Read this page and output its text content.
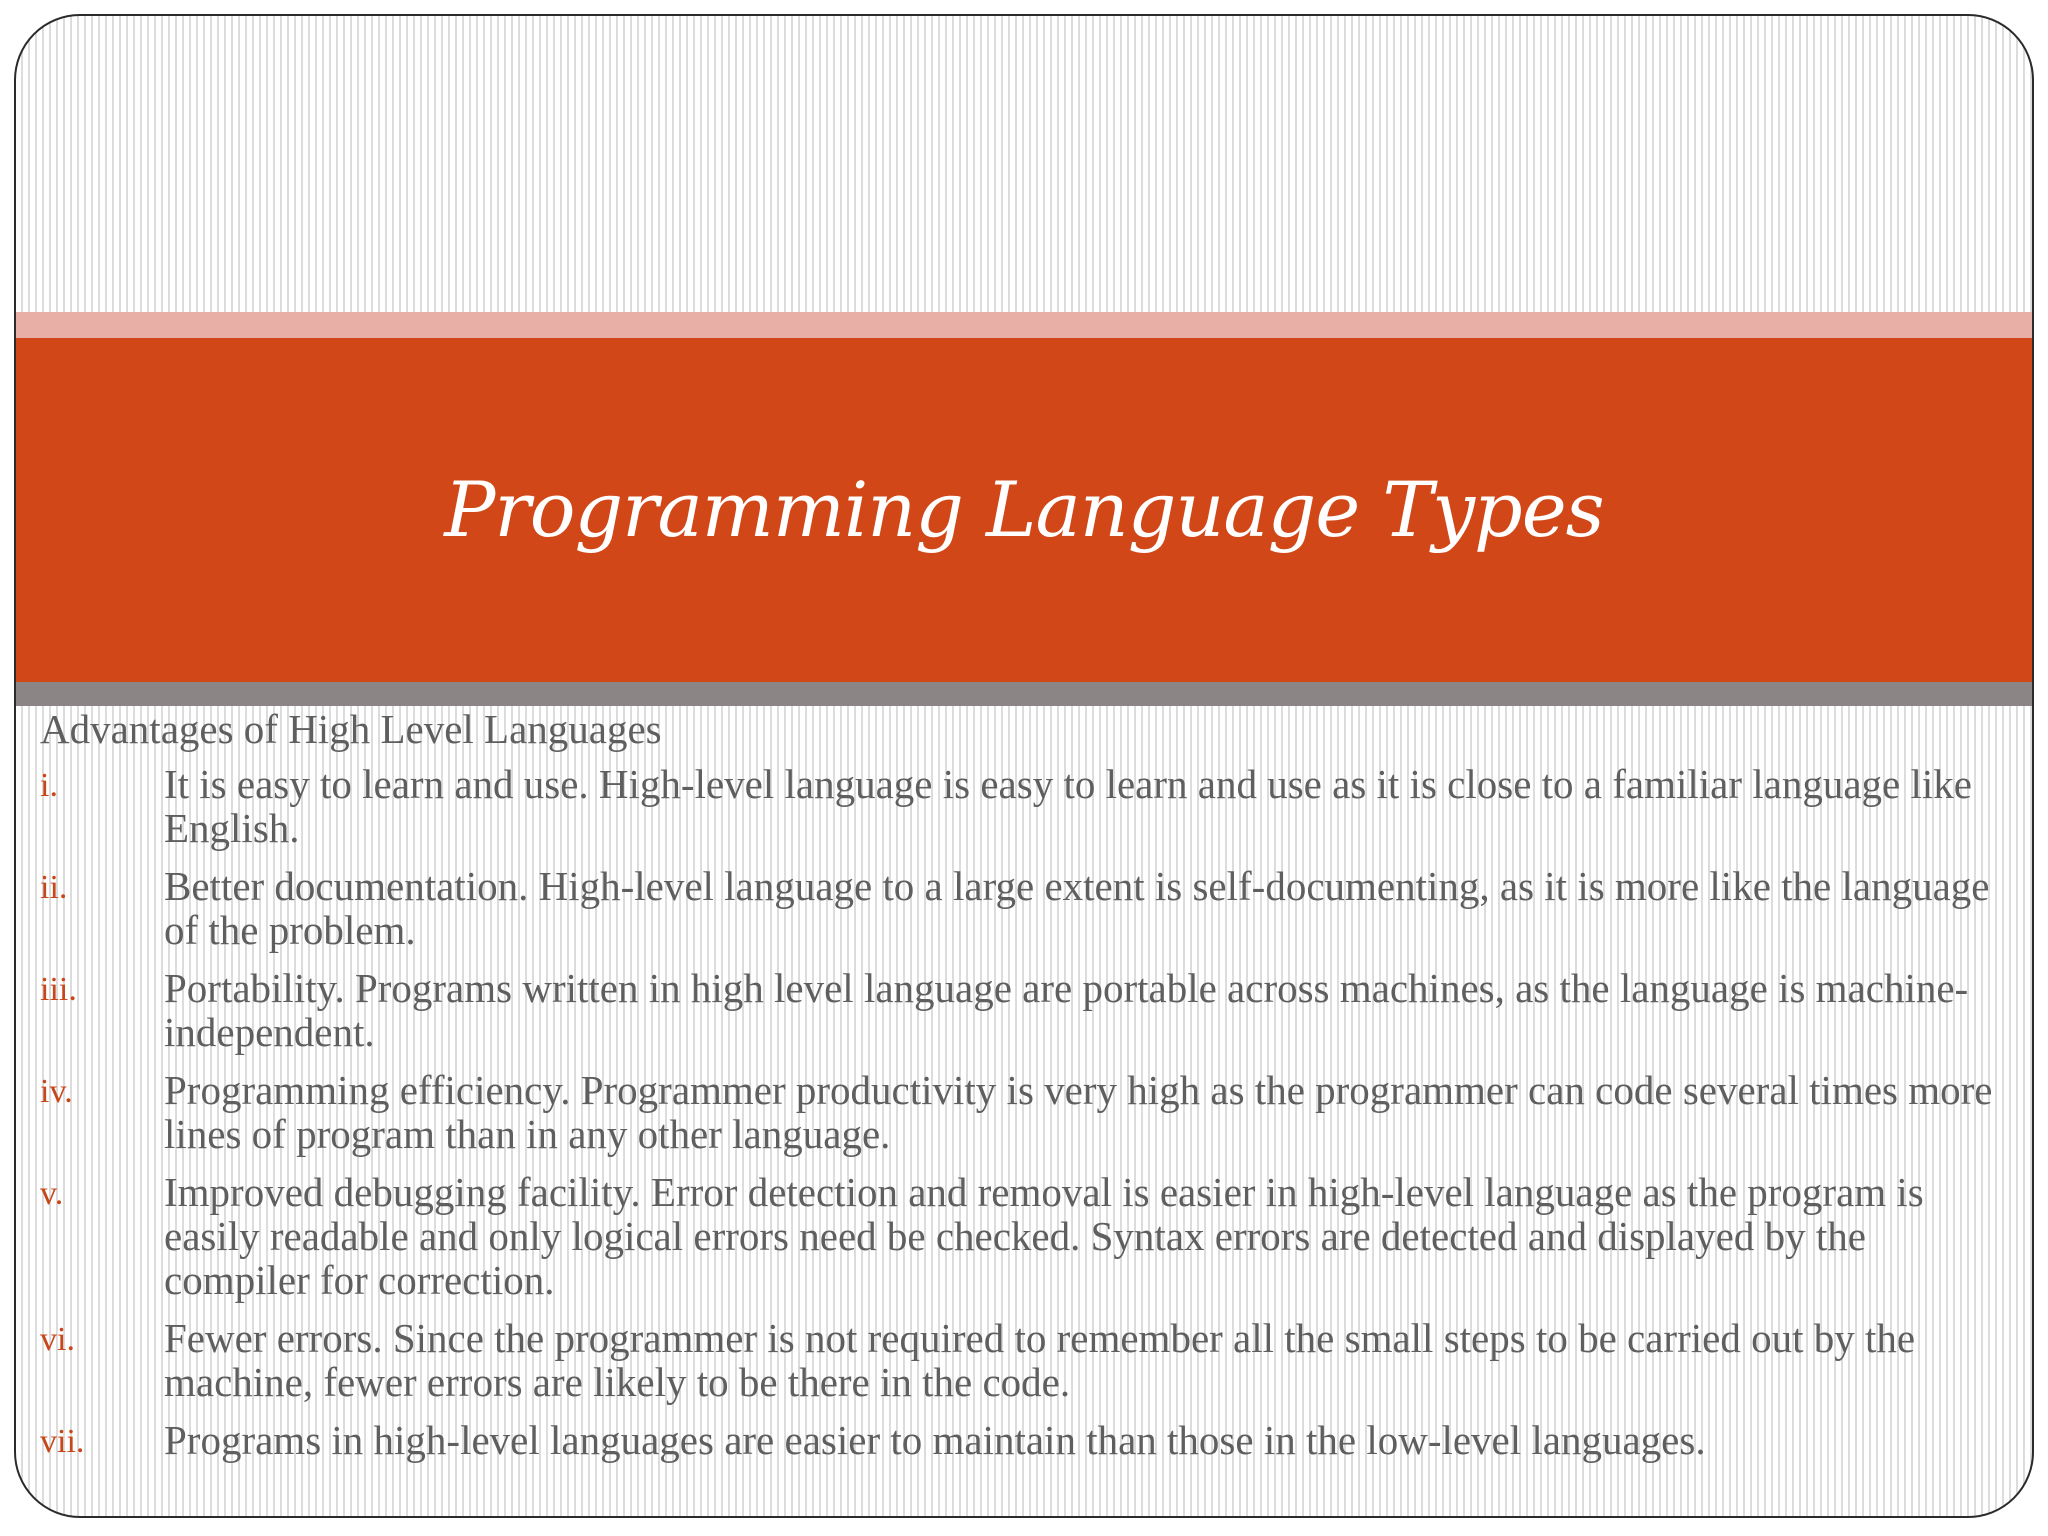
Programming Language Types
Advantages of High Level Languages
i.	It is easy to learn and use. High-level language is easy to learn and use as it is close to a familiar language like English.
ii.	Better documentation. High-level language to a large extent is self-documenting, as it is more like the language of the problem.
iii.	Portability. Programs written in high level language are portable across machines, as the language is machine-independent.
iv.	Programming efficiency. Programmer productivity is very high as the programmer can code several times more lines of program than in any other language.
v.	Improved debugging facility. Error detection and removal is easier in high-level language as the program is easily readable and only logical errors need be checked. Syntax errors are detected and displayed by the compiler for correction.
vi.	Fewer errors. Since the programmer is not required to remember all the small steps to be carried out by the machine, fewer errors are likely to be there in the code.
vii.	Programs in high-level languages are easier to maintain than those in the low-level languages.
